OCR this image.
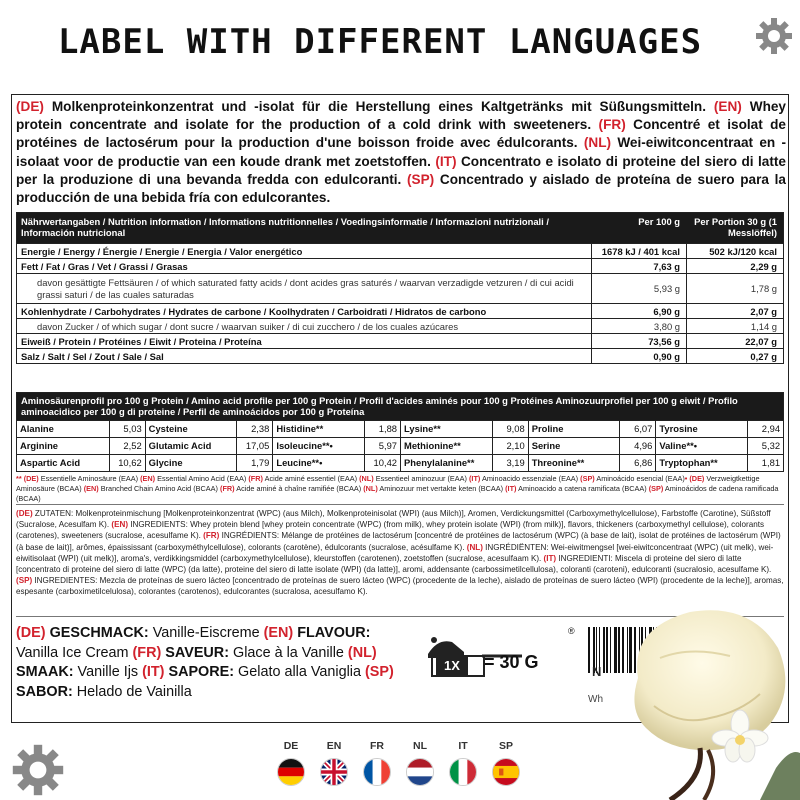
LABEL WITH DIFFERENT LANGUAGES
(DE) Molkenproteinkonzentrat und -isolat für die Herstellung eines Kaltgetränks mit Süßungsmitteln. (EN) Whey protein concentrate and isolate for the production of a cold drink with sweeteners. (FR) Concentré et isolat de protéines de lactosérum pour la production d'une boisson froide avec édulcorants. (NL) Wei-eiwitconcentraat en -isolaat voor de productie van een koude drank met zoetstoffen. (IT) Concentrato e isolato di proteine del siero di latte per la produzione di una bevanda fredda con edulcoranti. (SP) Concentrado y aislado de proteína de suero para la producción de una bebida fría con edulcorantes.
Nährwertangaben / Nutrition information / Informations nutritionnelles / Voedingsinformatie / Informazioni nutrizionali / Información nutricional
Per 100 g	Per Portion 30 g (1 Messlöffel)
Energie / Energy / Énergie / Energie / Energia / Valor energético	1678 kJ / 401 kcal	502 kJ/120 kcal
Fett / Fat / Gras / Vet / Grassi / Grasas	7,63 g	2,29 g
davon gesättigte Fettsäuren / of which saturated fatty acids / dont acides gras saturés / waarvan verzadigde vetzuren / di cui acidi grassi saturi / de las cuales saturadas
5,93 g	1,78 g
Kohlenhydrate / Carbohydrates / Hydrates de carbone / Koolhydraten / Carboidrati / Hidratos de carbono	6,90 g	2,07 g
davon Zucker / of which sugar / dont sucre / waarvan suiker / di cui zucchero / de los cuales azúcares	3,80 g	1,14 g
Eiweiß / Protein / Protéines / Eiwit / Proteina / Proteína	73,56 g	22,07 g
Salz / Salt / Sel / Zout / Sale / Sal	0,90 g	0,27 g
Aminosäurenprofil pro 100 g Protein / Amino acid profile per 100 g Protein / Profil d'acides aminés pour 100 g Protéines Aminozuurprofiel per 100 g eiwit / Profilo aminoacidico per 100 g di proteine / Perfil de aminoácidos por 100 g Proteína
Alanine	5,03 Cysteine	2,38 Histidine**	1,88 Lysine**	9,08 Proline	6,07 Tyrosine	2,94
Arginine	2,52 Glutamic Acid	17,05 Isoleucine**•	5,97 Methionine**	2,10 Serine	4,96 Valine**•	5,32
Aspartic Acid	10,62 Glycine	1,79 Leucine**•	10,42 Phenylalanine**	3,19 Threonine**	6,86 Tryptophan**	1,81
** (DE) Essentielle Aminosäure (EAA) (EN) Essential Amino Acid (EAA) (FR) Acide aminé essentiel (EAA) (NL) Essentieel aminozuur (EAA) (IT) Aminoacido essenziale (EAA) (SP) Aminoácido esencial (EAA)• (DE) Verzweigtkettige Aminosäure (BCAA) (EN) Branched Chain Amino Acid (BCAA) (FR) Acide aminé à chaîne ramifiée (BCAA) (NL) Aminozuur met vertakte keten (BCAA) (IT) Aminoacido a catena ramificata (BCAA) (SP) Aminoácidos de cadena ramificada (BCAA)
(DE) ZUTATEN: Molkenproteinmischung [Molkenproteinkonzentrat (WPC) (aus Milch), Molkenproteinisolat (WPI) (aus Milch)], Aromen, Verdickungsmittel (Carboxymethylcellulose), Farbstoffe (Carotine), Süßstoff (Sucralose, Acesulfam K). (EN) INGREDIENTS: Whey protein blend [whey protein concentrate (WPC) (from milk), whey protein isolate (WPI) (from milk)], flavors, thickeners (carboxymethyl cellulose), colorants (carotenes), sweeteners (sucralose, acesulfame K). (FR) INGRÉDIENTS: Mélange de protéines de lactosérum [concentré de protéines de lactosérum (WPC) (à base de lait), isolat de protéines de lactosérum (WPI) (à base de lait)], arômes, épaississant (carboxyméthylcellulose), colorants (carotène), édulcorants (sucralose, acésulfame K). (NL) INGRÉDIËNTEN: Wei-eiwitmengsel [wei-eiwitconcentraat (WPC) (uit melk), wei-eiwitisolaat (WPI) (uit melk)], aroma's, verdikkingsmiddel (carboxymethylcellulose), kleurstoffen (carotenen), zoetstoffen (sucralose, acesulfaam K). (IT) INGREDIENTI: Miscela di proteine del siero di latte [concentrato di proteine del siero di latte (WPC) (da latte), proteine del siero di latte isolate (WPI) (da latte)], aromi, addensante (carbossimetilcellulosa), coloranti (caroteni), edulcoranti (sucralosio, acesulfame K). (SP) INGREDIENTES: Mezcla de proteínas de suero lácteo [concentrado de proteínas de suero lácteo (WPC) (procedente de la leche), aislado de proteínas de suero lácteo (WPI) (procedente de la leche)], aromas, espesante (carboximetilcelulosa), colorantes (carotenos), edulcorantes (sucralosa, acesulfamo K).
(DE) GESCHMACK: Vanille-Eiscreme (EN) FLAVOUR: Vanilla Ice Cream (FR) SAVEUR: Glace à la Vanille (NL) SMAAK: Vanille Ijs (IT) SAPORE: Gelato alla Vaniglia (SP) SABOR: Helado de Vainilla
1X	= 30 G
®
N
Wh
DE	EN	FR	NL	IT	SP
